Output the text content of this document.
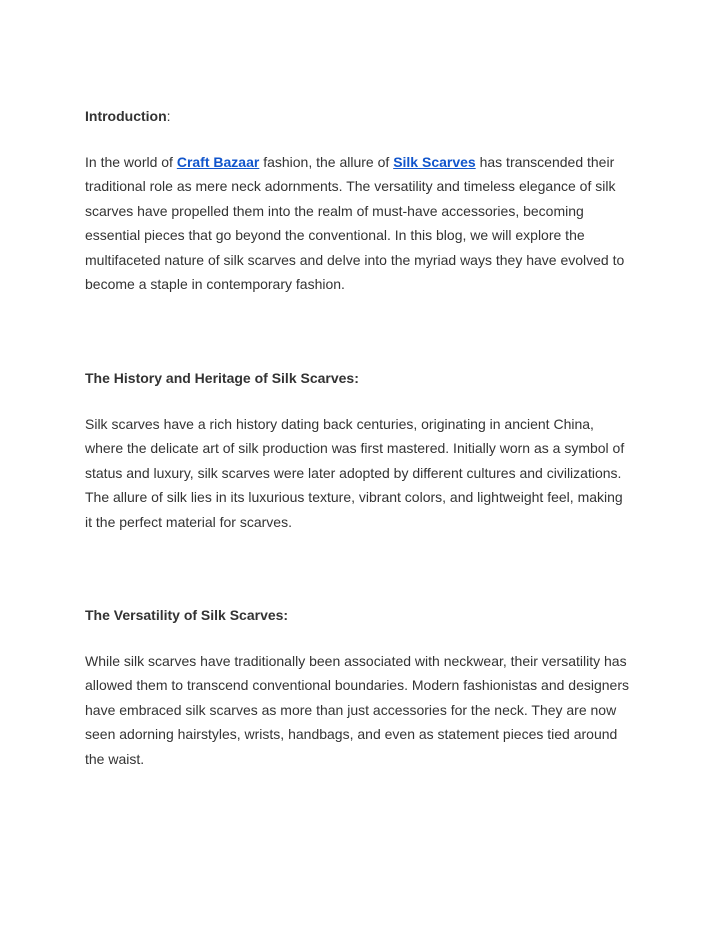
Introduction:

In the world of Craft Bazaar fashion, the allure of Silk Scarves has transcended their
traditional role as mere neck adornments. The versatility and timeless elegance of silk
scarves have propelled them into the realm of must-have accessories, becoming
essential pieces that go beyond the conventional. In this blog, we will explore the
multifaceted nature of silk scarves and delve into the myriad ways they have evolved to
become a staple in contemporary fashion.

The History and Heritage of Silk Scarves:

Silk scarves have a rich history dating back centuries, originating in ancient China,
where the delicate art of silk production was first mastered. Initially worn as a symbol of
status and luxury, silk scarves were later adopted by different cultures and civilizations.
The allure of silk lies in its luxurious texture, vibrant colors, and lightweight feel, making
it the perfect material for scarves.

The Versatility of Silk Scarves:

While silk scarves have traditionally been associated with neckwear, their versatility has
allowed them to transcend conventional boundaries. Modern fashionistas and designers
have embraced silk scarves as more than just accessories for the neck. They are now
seen adorning hairstyles, wrists, handbags, and even as statement pieces tied around
the waist.
